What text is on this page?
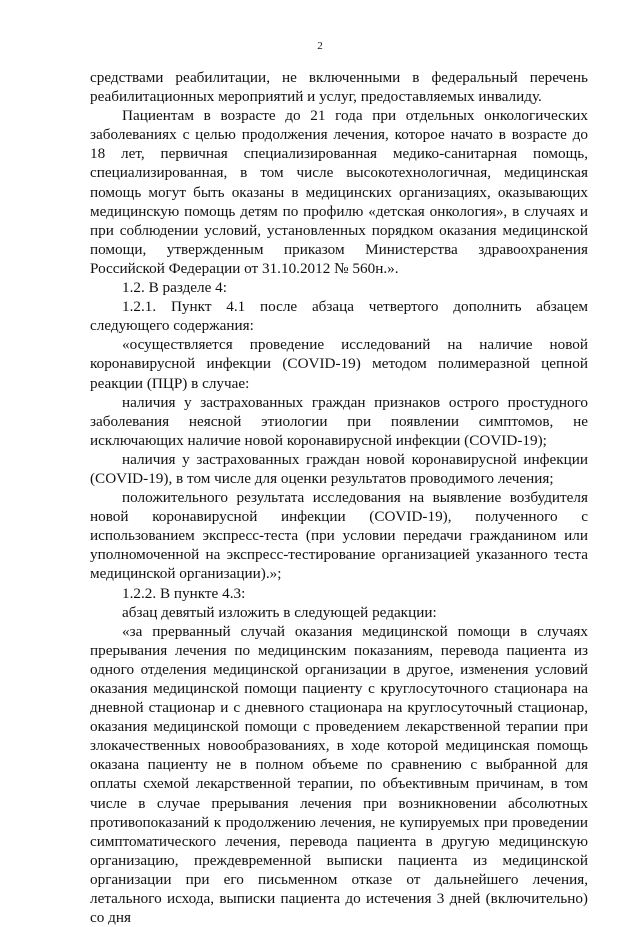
2

средствами реабилитации, не включенными в федеральный перечень реабилитационных мероприятий и услуг, предоставляемых инвалиду.

Пациентам в возрасте до 21 года при отдельных онкологических заболеваниях с целью продолжения лечения, которое начато в возрасте до 18 лет, первичная специализированная медико-санитарная помощь, специализированная, в том числе высокотехнологичная, медицинская помощь могут быть оказаны в медицинских организациях, оказывающих медицинскую помощь детям по профилю «детская онкология», в случаях и при соблюдении условий, установленных порядком оказания медицинской помощи, утвержденным приказом Министерства здравоохранения Российской Федерации от 31.10.2012 № 560н.».

1.2. В разделе 4:

1.2.1. Пункт 4.1 после абзаца четвертого дополнить абзацем следующего содержания:

«осуществляется проведение исследований на наличие новой коронавирусной инфекции (COVID-19) методом полимеразной цепной реакции (ПЦР) в случае:

наличия у застрахованных граждан признаков острого простудного заболевания неясной этиологии при появлении симптомов, не исключающих наличие новой коронавирусной инфекции (COVID-19);

наличия у застрахованных граждан новой коронавирусной инфекции (COVID-19), в том числе для оценки результатов проводимого лечения;

положительного результата исследования на выявление возбудителя новой коронавирусной инфекции (COVID-19), полученного с использованием экспресс-теста (при условии передачи гражданином или уполномоченной на экспресс-тестирование организацией указанного теста медицинской организации).»;

1.2.2. В пункте 4.3:

абзац девятый изложить в следующей редакции:

«за прерванный случай оказания медицинской помощи в случаях прерывания лечения по медицинским показаниям, перевода пациента из одного отделения медицинской организации в другое, изменения условий оказания медицинской помощи пациенту с круглосуточного стационара на дневной стационар и с дневного стационара на круглосуточный стационар, оказания медицинской помощи с проведением лекарственной терапии при злокачественных новообразованиях, в ходе которой медицинская помощь оказана пациенту не в полном объеме по сравнению с выбранной для оплаты схемой лекарственной терапии, по объективным причинам, в том числе в случае прерывания лечения при возникновении абсолютных противопоказаний к продолжению лечения, не купируемых при проведении симптоматического лечения, перевода пациента в другую медицинскую организацию, преждевременной выписки пациента из медицинской организации при его письменном отказе от дальнейшего лечения, летального исхода, выписки пациента до истечения 3 дней (включительно) со дня
